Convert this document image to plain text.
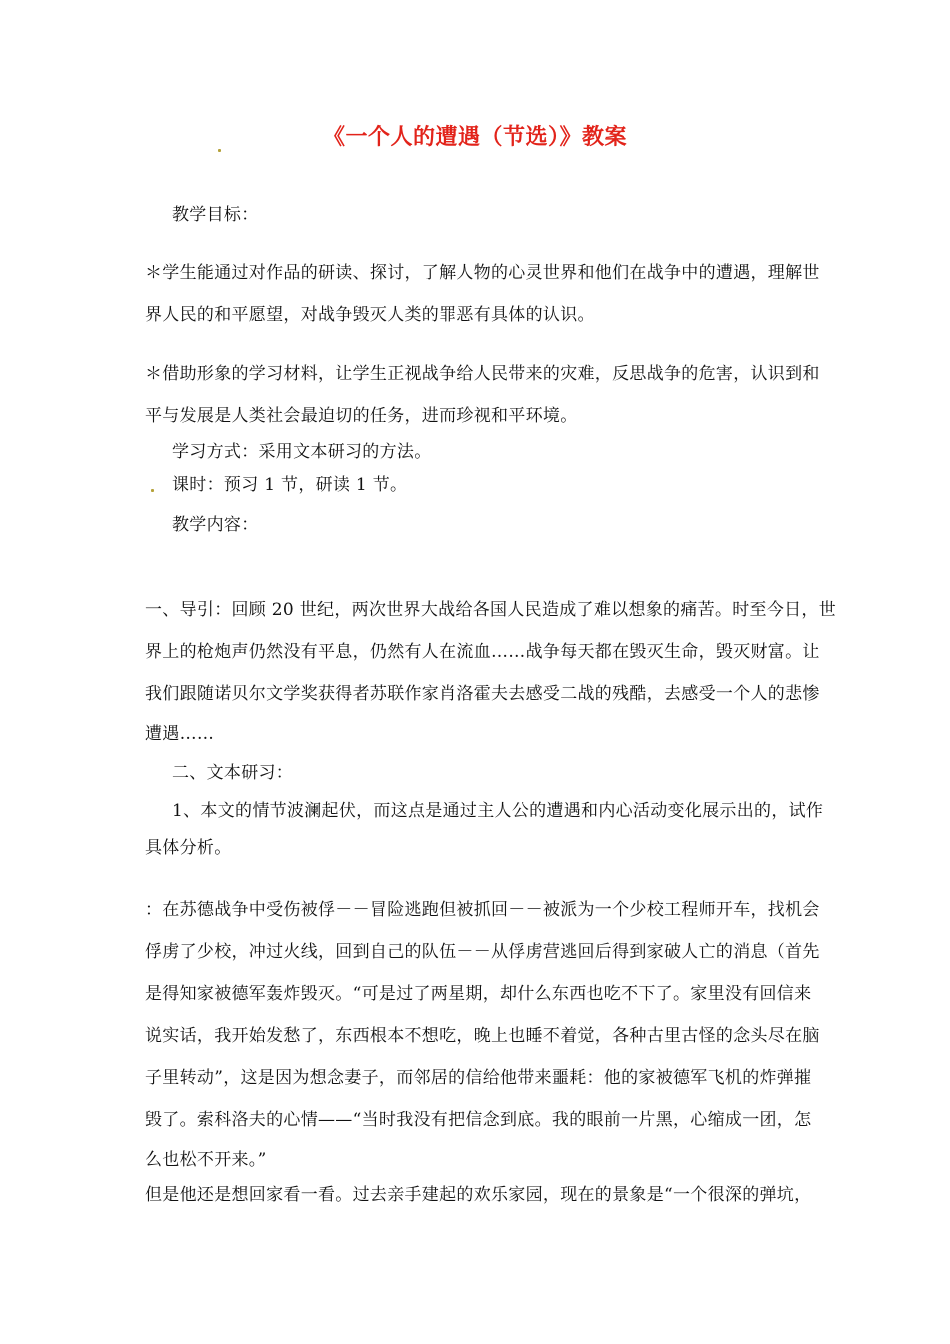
《一个人的遭遇（节选）》教案
教学目标：
＊学生能通过对作品的研读、探讨，了解人物的心灵世界和他们在战争中的遭遇，理解世
界人民的和平愿望，对战争毁灭人类的罪恶有具体的认识。
＊借助形象的学习材料，让学生正视战争给人民带来的灾难，反思战争的危害，认识到和
平与发展是人类社会最迫切的任务，进而珍视和平环境。
学习方式：采用文本研习的方法。
课时：预习 1 节，研读 1 节。
教学内容：
一、导引：回顾 20 世纪，两次世界大战给各国人民造成了难以想象的痛苦。时至今日，世
界上的枪炮声仍然没有平息，仍然有人在流血……战争每天都在毁灭生命，毁灭财富。让
我们跟随诺贝尔文学奖获得者苏联作家肖洛霍夫去感受二战的残酷，去感受一个人的悲惨
遭遇……
二、文本研习：
1、本文的情节波澜起伏，而这点是通过主人公的遭遇和内心活动变化展示出的，试作
具体分析。
：在苏德战争中受伤被俘－－冒险逃跑但被抓回－－被派为一个少校工程师开车，找机会
俘虏了少校，冲过火线，回到自己的队伍－－从俘虏营逃回后得到家破人亡的消息（首先
是得知家被德军轰炸毁灭。“可是过了两星期，却什么东西也吃不下了。家里没有回信来
说实话，我开始发愁了，东西根本不想吃，晚上也睡不着觉，各种古里古怪的念头尽在脑
子里转动”，这是因为想念妻子，而邻居的信给他带来噩耗：他的家被德军飞机的炸弹摧
毁了。索科洛夫的心情——“当时我没有把信念到底。我的眼前一片黑，心缩成一团，怎
么也松不开来。”
但是他还是想回家看一看。过去亲手建起的欢乐家园，现在的景象是“一个很深的弹坑，
